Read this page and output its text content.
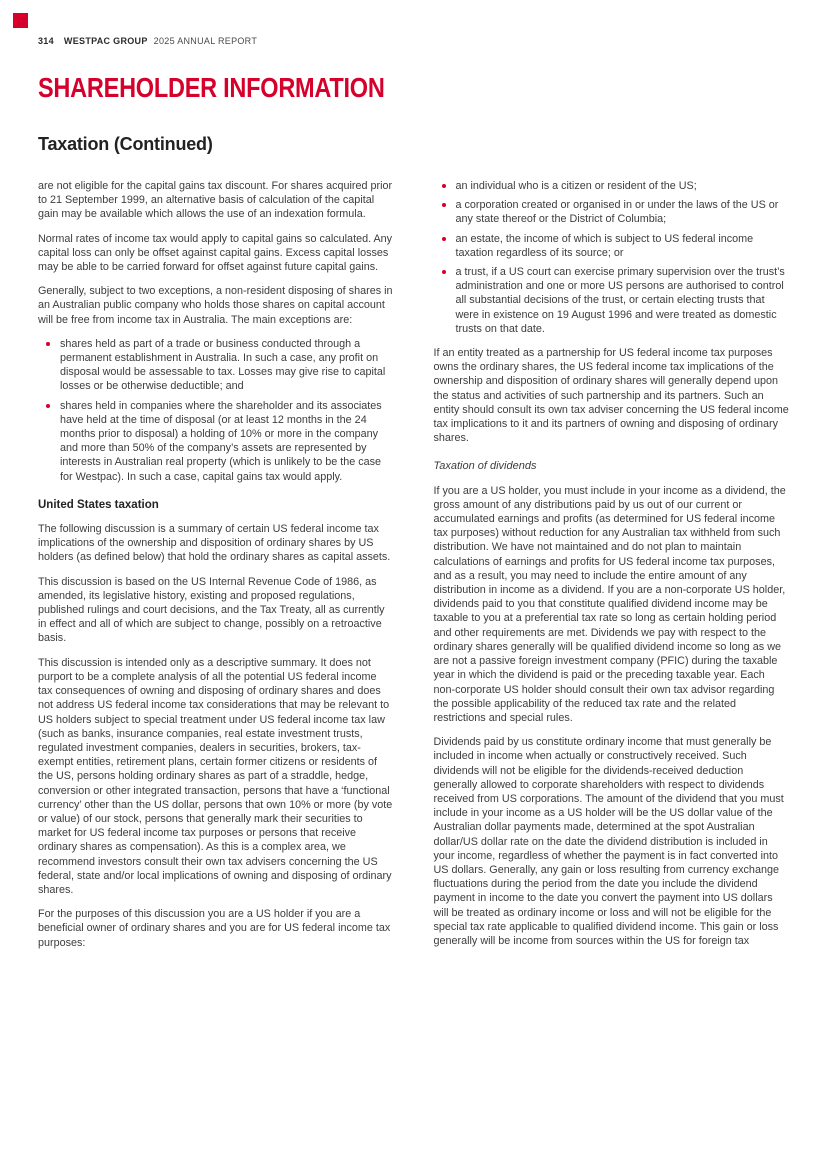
314 WESTPAC GROUP 2025 ANNUAL REPORT
SHAREHOLDER INFORMATION
Taxation (Continued)

are not eligible for the capital gains tax discount. For shares acquired prior to 21 September 1999, an alternative basis of calculation of the capital gain may be available which allows the use of an indexation formula.

Normal rates of income tax would apply to capital gains so calculated. Any capital loss can only be offset against capital gains. Excess capital losses may be able to be carried forward for offset against future capital gains.

Generally, subject to two exceptions, a non-resident disposing of shares in an Australian public company who holds those shares on capital account will be free from income tax in Australia. The main exceptions are:

shares held as part of a trade or business conducted through a permanent establishment in Australia. In such a case, any profit on disposal would be assessable to tax. Losses may give rise to capital losses or be otherwise deductible; and
shares held in companies where the shareholder and its associates have held at the time of disposal (or at least 12 months in the 24 months prior to disposal) a holding of 10% or more in the company and more than 50% of the company’s assets are represented by interests in Australian real property (which is unlikely to be the case for Westpac). In such a case, capital gains tax would apply.
United States taxation

The following discussion is a summary of certain US federal income tax implications of the ownership and disposition of ordinary shares by US holders (as defined below) that hold the ordinary shares as capital assets.

This discussion is based on the US Internal Revenue Code of 1986, as amended, its legislative history, existing and proposed regulations, published rulings and court decisions, and the Tax Treaty, all as currently in effect and all of which are subject to change, possibly on a retroactive basis.

This discussion is intended only as a descriptive summary. It does not purport to be a complete analysis of all the potential US federal income tax consequences of owning and disposing of ordinary shares and does not address US federal income tax considerations that may be relevant to US holders subject to special treatment under US federal income tax law (such as banks, insurance companies, real estate investment trusts, regulated investment companies, dealers in securities, brokers, tax-exempt entities, retirement plans, certain former citizens or residents of the US, persons holding ordinary shares as part of a straddle, hedge, conversion or other integrated transaction, persons that have a ‘functional currency’ other than the US dollar, persons that own 10% or more (by vote or value) of our stock, persons that generally mark their securities to market for US federal income tax purposes or persons that receive ordinary shares as compensation). As this is a complex area, we recommend investors consult their own tax advisers concerning the US federal, state and/or local implications of owning and disposing of ordinary shares.

For the purposes of this discussion you are a US holder if you are a beneficial owner of ordinary shares and you are for US federal income tax purposes:

an individual who is a citizen or resident of the US;
a corporation created or organised in or under the laws of the US or any state thereof or the District of Columbia;
an estate, the income of which is subject to US federal income taxation regardless of its source; or
a trust, if a US court can exercise primary supervision over the trust’s administration and one or more US persons are authorised to control all substantial decisions of the trust, or certain electing trusts that were in existence on 19 August 1996 and were treated as domestic trusts on that date.

If an entity treated as a partnership for US federal income tax purposes owns the ordinary shares, the US federal income tax implications of the ownership and disposition of ordinary shares will generally depend upon the status and activities of such partnership and its partners. Such an entity should consult its own tax adviser concerning the US federal income tax implications to it and its partners of owning and disposing of ordinary shares.

Taxation of dividends

If you are a US holder, you must include in your income as a dividend, the gross amount of any distributions paid by us out of our current or accumulated earnings and profits (as determined for US federal income tax purposes) without reduction for any Australian tax withheld from such distribution. We have not maintained and do not plan to maintain calculations of earnings and profits for US federal income tax purposes, and as a result, you may need to include the entire amount of any distribution in income as a dividend. If you are a non-corporate US holder, dividends paid to you that constitute qualified dividend income may be taxable to you at a preferential tax rate so long as certain holding period and other requirements are met. Dividends we pay with respect to the ordinary shares generally will be qualified dividend income so long as we are not a passive foreign investment company (PFIC) during the taxable year in which the dividend is paid or the preceding taxable year. Each non-corporate US holder should consult their own tax advisor regarding the possible applicability of the reduced tax rate and the related restrictions and special rules.

Dividends paid by us constitute ordinary income that must generally be included in income when actually or constructively received. Such dividends will not be eligible for the dividends-received deduction generally allowed to corporate shareholders with respect to dividends received from US corporations. The amount of the dividend that you must include in your income as a US holder will be the US dollar value of the Australian dollar payments made, determined at the spot Australian dollar/US dollar rate on the date the dividend distribution is included in your income, regardless of whether the payment is in fact converted into US dollars. Generally, any gain or loss resulting from currency exchange fluctuations during the period from the date you include the dividend payment in income to the date you convert the payment into US dollars will be treated as ordinary income or loss and will not be eligible for the special tax rate applicable to qualified dividend income. This gain or loss generally will be income from sources within the US for foreign tax
